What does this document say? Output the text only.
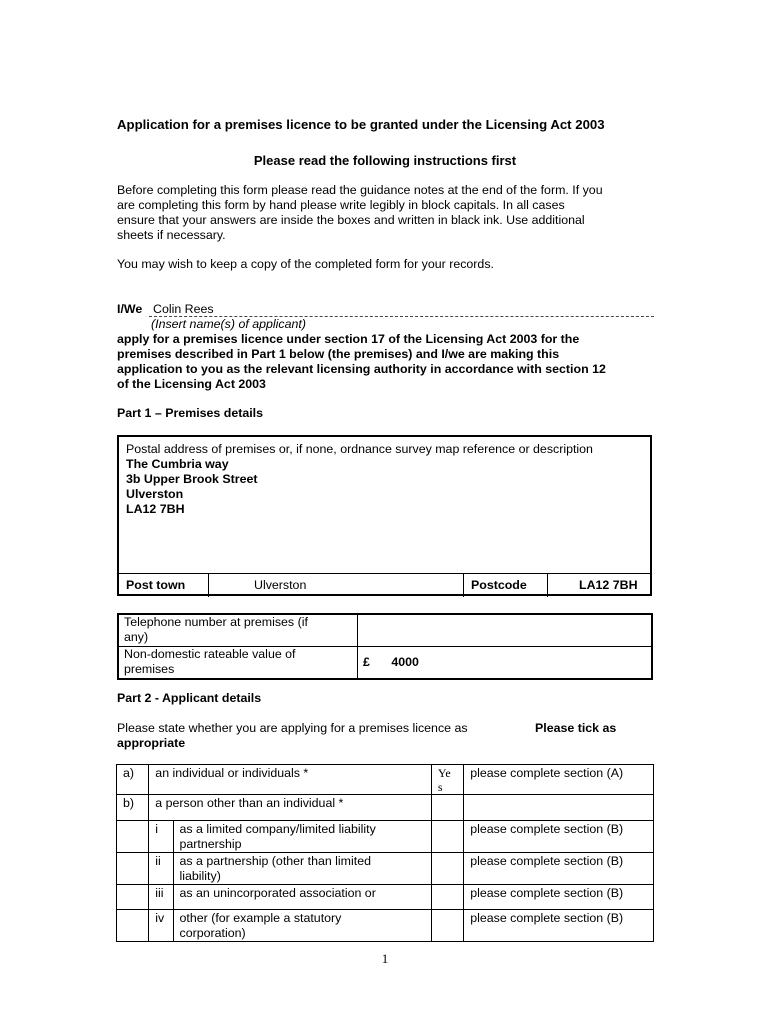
Application for a premises licence to be granted under the Licensing Act 2003
Please read the following instructions first
Before completing this form please read the guidance notes at the end of the form. If you
are completing this form by hand please write legibly in block capitals. In all cases
ensure that your answers are inside the boxes and written in black ink. Use additional
sheets if necessary.
You may wish to keep a copy of the completed form for your records.
I/We Colin Rees
(Insert name(s) of applicant)
apply for a premises licence under section 17 of the Licensing Act 2003 for the
premises described in Part 1 below (the premises) and I/we are making this
application to you as the relevant licensing authority in accordance with section 12
of the Licensing Act 2003
Part 1 – Premises details
Postal address of premises or, if none, ordnance survey map reference or description
The Cumbria way
3b Upper Brook Street
Ulverston
LA12 7BH
Post town	Ulverston	Postcode	LA12 7BH
Telephone number at premises (if
any)	

Non-domestic rateable value of
premises	£ 4000
Part 2 - Applicant details
Please state whether you are applying for a premises licence as	Please tick as
appropriate
a)	an individual or individuals *		Ye
s	please complete section (A)
b)	a person other than an individual *			
	i	as a limited company/limited liability
partnership		please complete section (B)
	ii	as a partnership (other than limited
liability)		please complete section (B)
	iii	as an unincorporated association or		please complete section (B)
	iv	other (for example a statutory
corporation)		please complete section (B)
1
